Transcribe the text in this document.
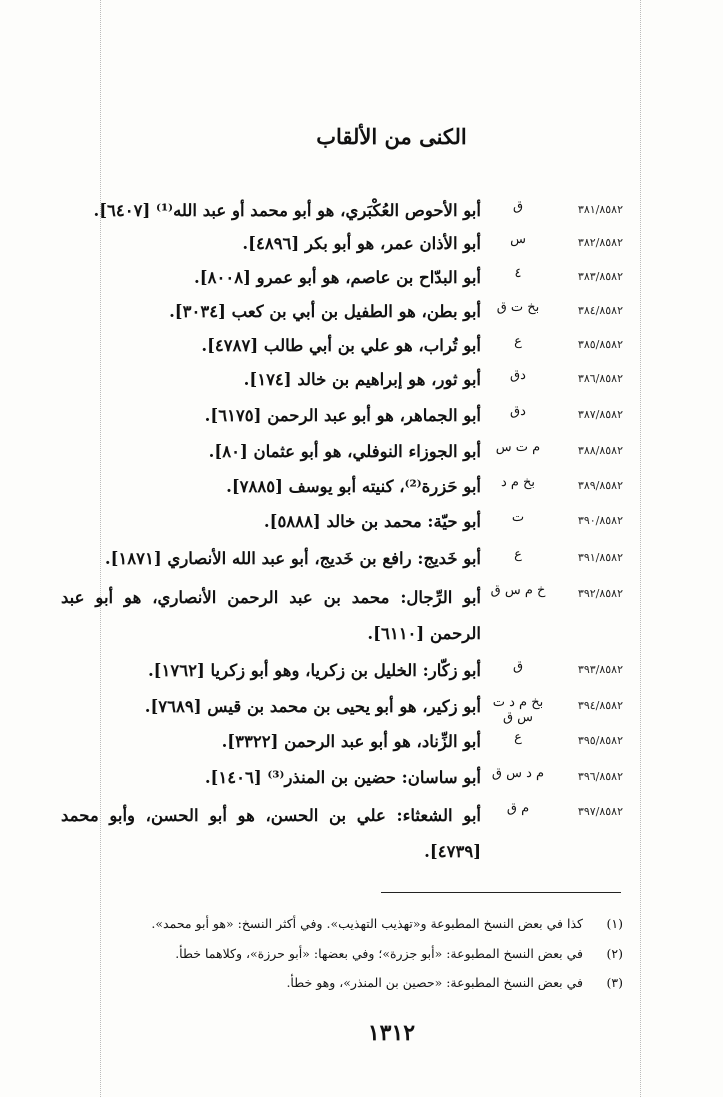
الكنى من الألقاب
٣٨١/٨٥٨٢
ق
أبو الأحوص العُكْبَري، هو أبو محمد أو عبد الله⁽¹⁾ [٦٤٠٧].
٣٨٢/٨٥٨٢
س
أبو الأذان عمر، هو أبو بكر [٤٨٩٦].
٣٨٣/٨٥٨٢
٤
أبو البدّاح بن عاصم، هو أبو عمرو [٨٠٠٨].
٣٨٤/٨٥٨٢
بخ ت ق
أبو بطن، هو الطفيل بن أبي بن كعب [٣٠٣٤].
٣٨٥/٨٥٨٢
ع
أبو تُراب، هو علي بن أبي طالب [٤٧٨٧].
٣٨٦/٨٥٨٢
دق
أبو ثور، هو إبراهيم بن خالد [١٧٤].
٣٨٧/٨٥٨٢
دق
أبو الجماهر، هو أبو عبد الرحمن [٦١٧٥].
٣٨٨/٨٥٨٢
م ت س
أبو الجوزاء النوفلي، هو أبو عثمان [٨٠].
٣٨٩/٨٥٨٢
بخ م د
أبو حَزرة⁽²⁾، كنيته أبو يوسف [٧٨٨٥].
٣٩٠/٨٥٨٢
ت
أبو حيّة: محمد بن خالد [٥٨٨٨].
٣٩١/٨٥٨٢
ع
أبو خَديج: رافع بن خَديج، أبو عبد الله الأنصاري [١٨٧١].
٣٩٢/٨٥٨٢
خ م س ق
أبو الرِّجال: محمد بن عبد الرحمن الأنصاري، هو أبو عبد الرحمن [٦١١٠].
٣٩٣/٨٥٨٢
ق
أبو زكّار: الخليل بن زكريا، وهو أبو زكريا [١٧٦٢].
٣٩٤/٨٥٨٢
بخ م د ت س ق
أبو زكير، هو أبو يحيى بن محمد بن قيس [٧٦٨٩].
٣٩٥/٨٥٨٢
ع
أبو الزِّناد، هو أبو عبد الرحمن [٣٣٢٢].
٣٩٦/٨٥٨٢
م د س ق
أبو ساسان: حضين بن المنذر⁽³⁾ [١٤٠٦].
٣٩٧/٨٥٨٢
م ق
أبو الشعثاء: علي بن الحسن، هو أبو الحسن، وأبو محمد [٤٧٣٩].
(١)
كذا في بعض النسخ المطبوعة و«تهذيب التهذيب». وفي أكثر النسخ: «هو أبو محمد».
(٢)
في بعض النسخ المطبوعة: «أبو جزرة»؛ وفي بعضها: «أبو حرزة»، وكلاهما خطأ.
(٣)
في بعض النسخ المطبوعة: «حصين بن المنذر»، وهو خطأ.
١٣١٢
